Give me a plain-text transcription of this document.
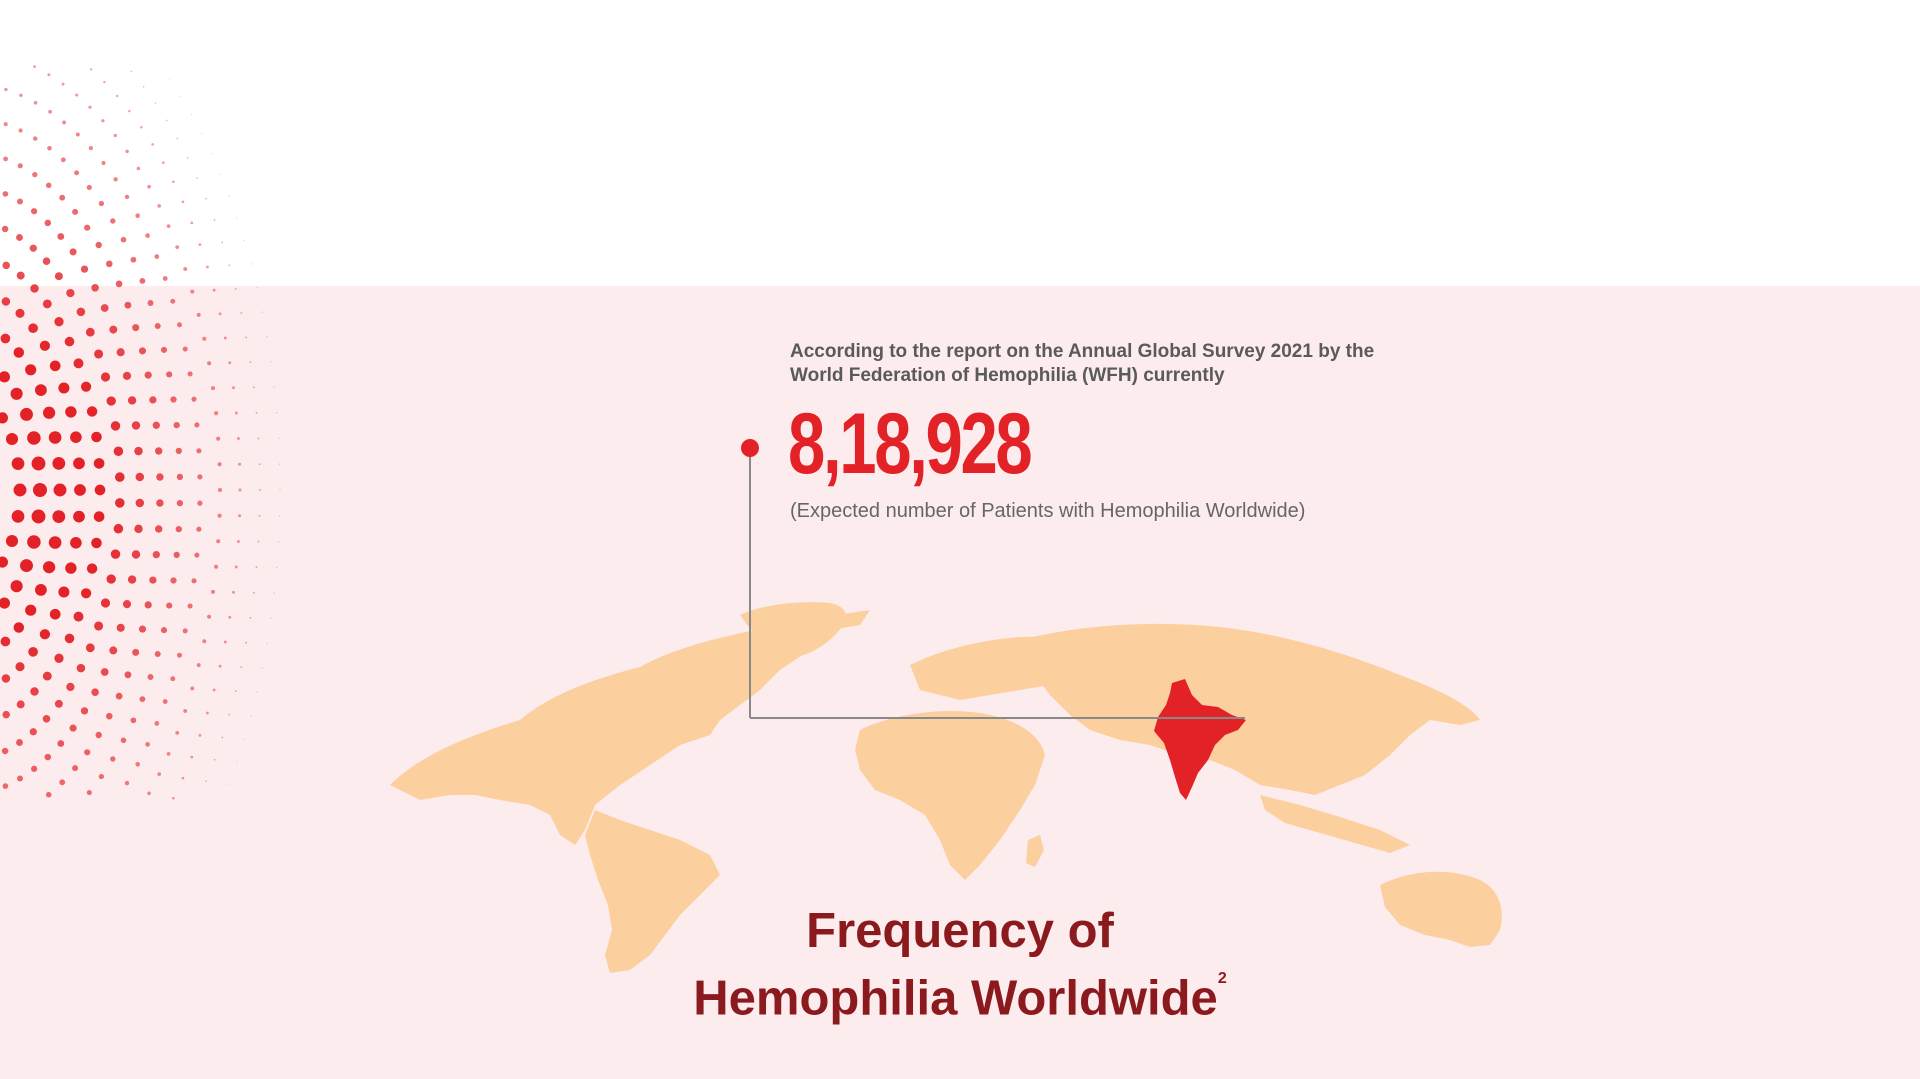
According to the report on the Annual Global Survey 2021 by the
World Federation of Hemophilia (WFH) currently

8,18,928

(Expected number of Patients with Hemophilia Worldwide)

Frequency of
Hemophilia Worldwide$^2$
